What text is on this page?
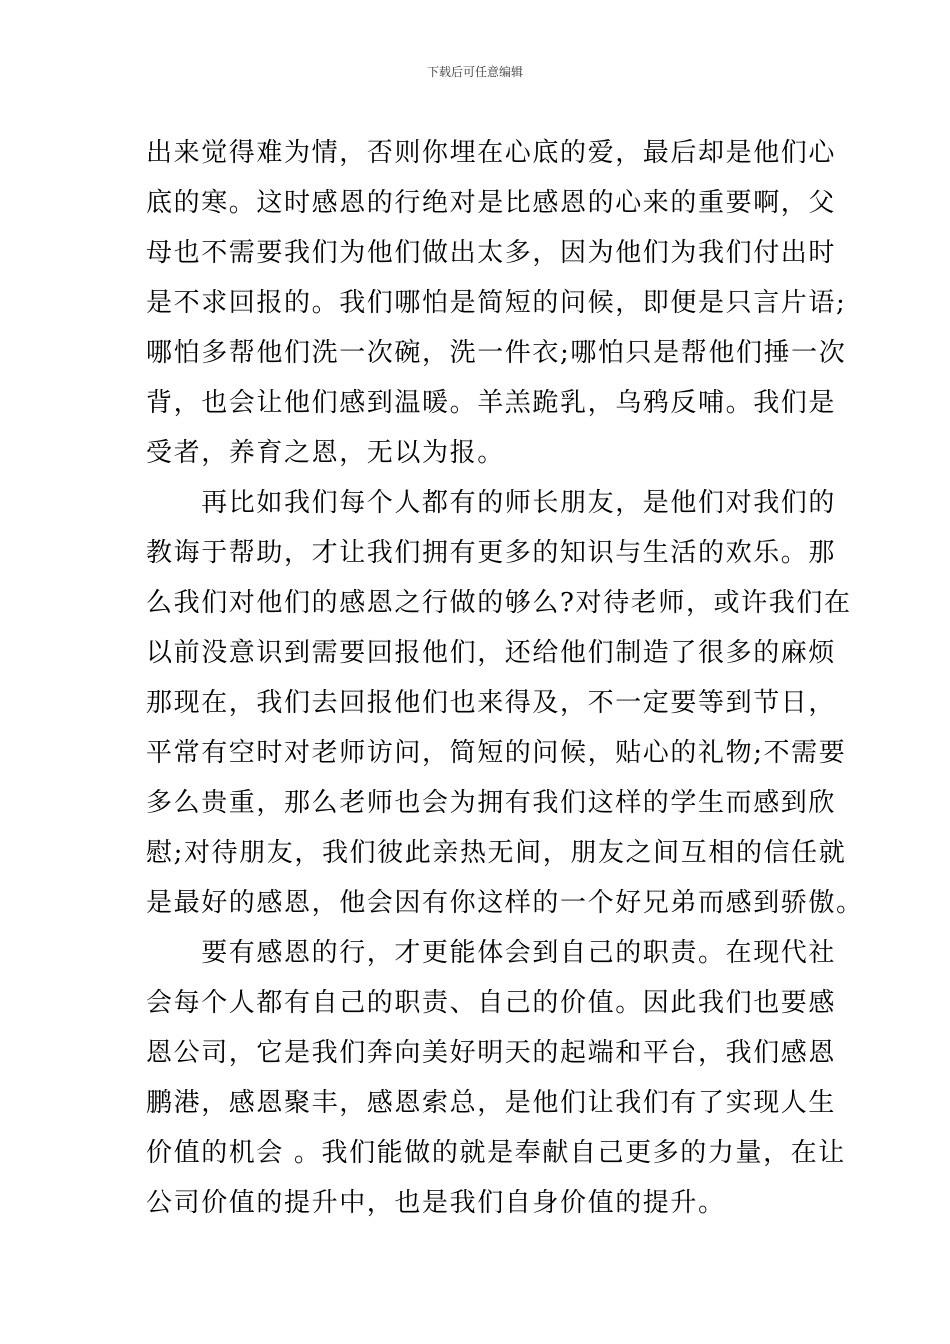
下载后可任意编辑
出来觉得难为情，否则你埋在心底的爱，最后却是他们心
底的寒。这时感恩的行绝对是比感恩的心来的重要啊，父
母也不需要我们为他们做出太多，因为他们为我们付出时
是不求回报的。我们哪怕是简短的问候，即便是只言片语;
哪怕多帮他们洗一次碗，洗一件衣;哪怕只是帮他们捶一次
背，也会让他们感到温暖。羊羔跪乳，乌鸦反哺。我们是
受者，养育之恩，无以为报。
　　再比如我们每个人都有的师长朋友，是他们对我们的
教诲于帮助，才让我们拥有更多的知识与生活的欢乐。那
么我们对他们的感恩之行做的够么?对待老师，或许我们在
以前没意识到需要回报他们，还给他们制造了很多的麻烦
那现在，我们去回报他们也来得及，不一定要等到节日，
平常有空时对老师访问，简短的问候，贴心的礼物;不需要
多么贵重，那么老师也会为拥有我们这样的学生而感到欣
慰;对待朋友，我们彼此亲热无间，朋友之间互相的信任就
是最好的感恩，他会因有你这样的一个好兄弟而感到骄傲。
　　要有感恩的行，才更能体会到自己的职责。在现代社
会每个人都有自己的职责、自己的价值。因此我们也要感
恩公司，它是我们奔向美好明天的起端和平台，我们感恩
鹏港，感恩聚丰，感恩索总，是他们让我们有了实现人生
价值的机会 。我们能做的就是奉献自己更多的力量，在让
公司价值的提升中，也是我们自身价值的提升。
